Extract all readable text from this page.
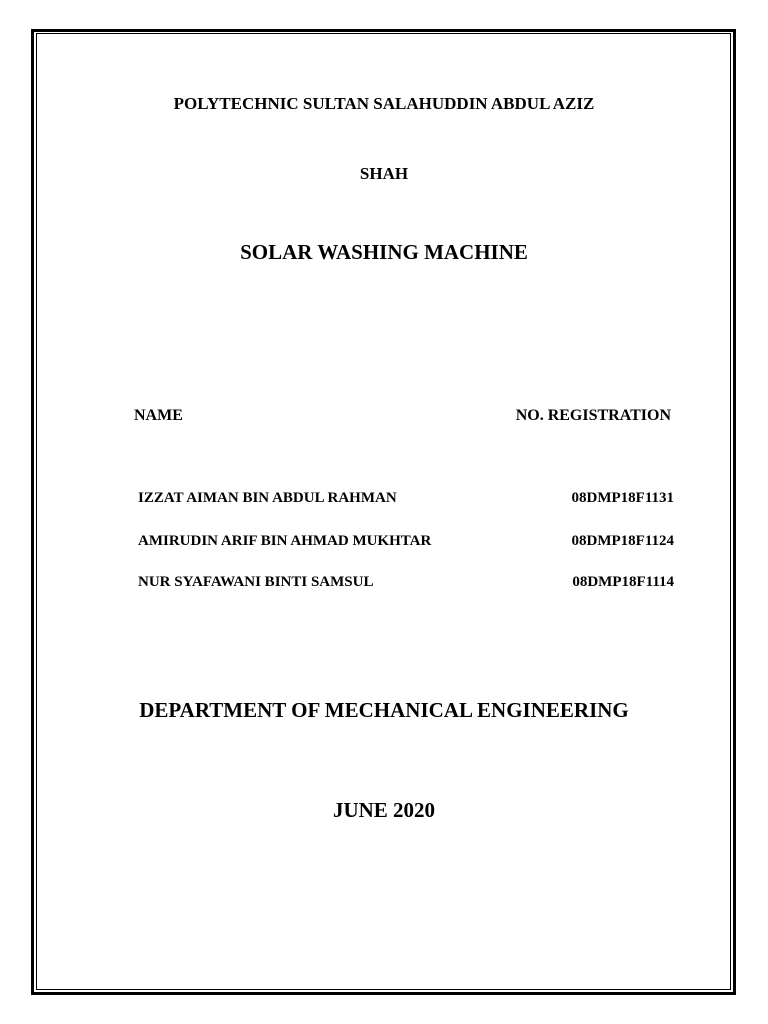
POLYTECHNIC SULTAN SALAHUDDIN ABDUL AZIZ
SHAH
SOLAR WASHING MACHINE
NAME	NO. REGISTRATION
IZZAT AIMAN BIN ABDUL RAHMAN	08DMP18F1131
AMIRUDIN ARIF BIN AHMAD MUKHTAR	08DMP18F1124
NUR SYAFAWANI BINTI SAMSUL	08DMP18F1114
DEPARTMENT OF MECHANICAL ENGINEERING
JUNE 2020
